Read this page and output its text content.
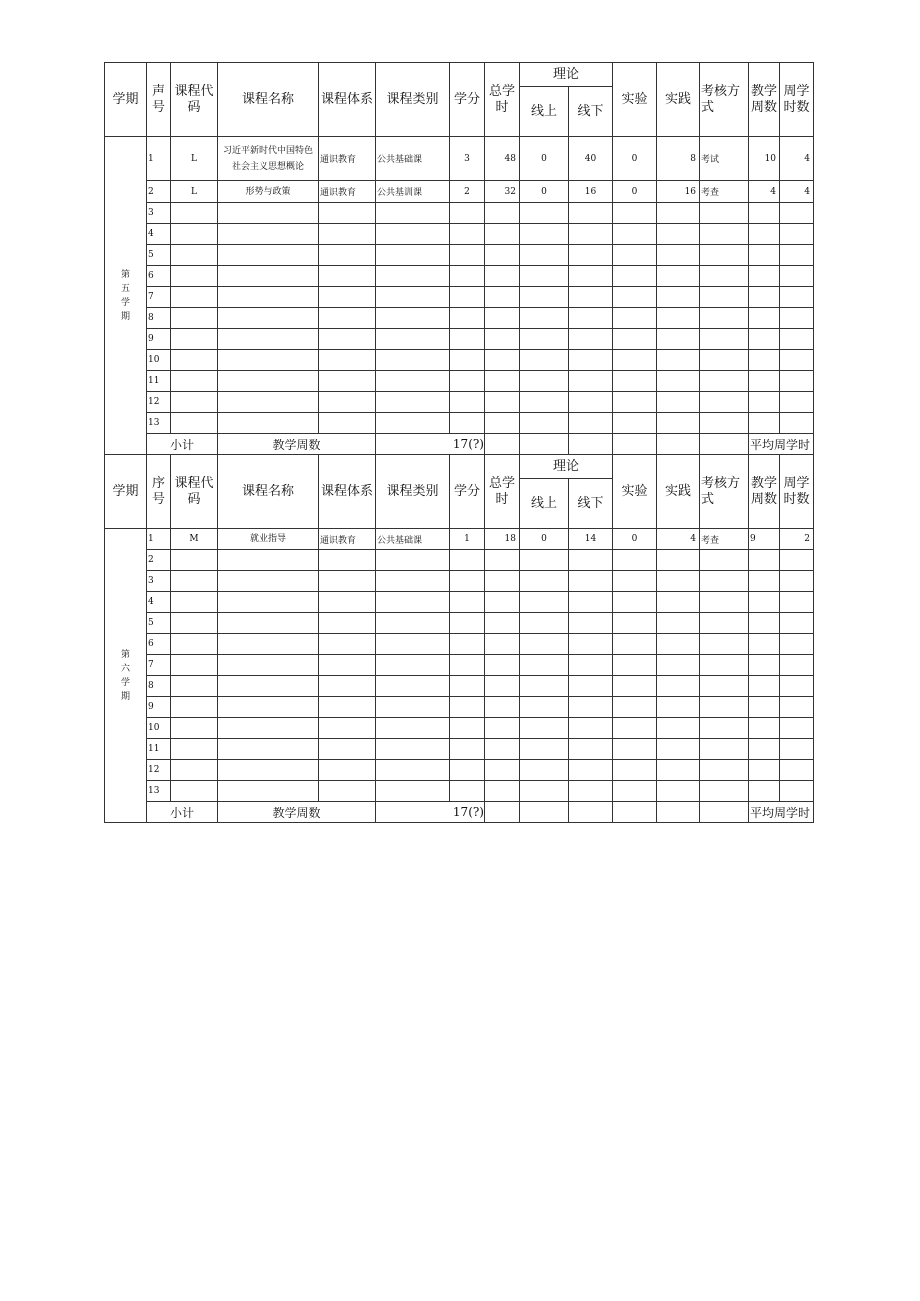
学期	声号	课程代码	课程名称	课程体系	课程类别	学分	总学时	理论		实验	实践	考核方式	教学周数	周学时数	
								线上	线下						

第
五
学
期	1	L	习近平新时代中国特色社会主义思想概论	通识教育	公共基础课	3	48	0	40	0	8	考试	10	4	
	2	L	形势与政策	通识教育	公共基训课	2	32	0	16	0	16	考查	4	4	
	3														
	4														
	5														
	6														
	7														
	8														
	9														
	10														
	11														
	12														
	13														
	小计		教学周数		17(?)								平均周学时		
学期	序号	课程代码	课程名称	课程体系	课程类别	学分	总学时	理论		实验	实践	考核方式	教学周数	周学时数	
								线上	线下						

第
六
学
期	1	M	就业指导	通识教育	公共基础课	1	18	0	14	0	4	考查	9	2	
	2														
	3														
	4														
	5														
	6														
	7														
	8														
	9														
	10														
	11														
	12														
	13														
	小计		教学周数		17(?)								平均周学时		
